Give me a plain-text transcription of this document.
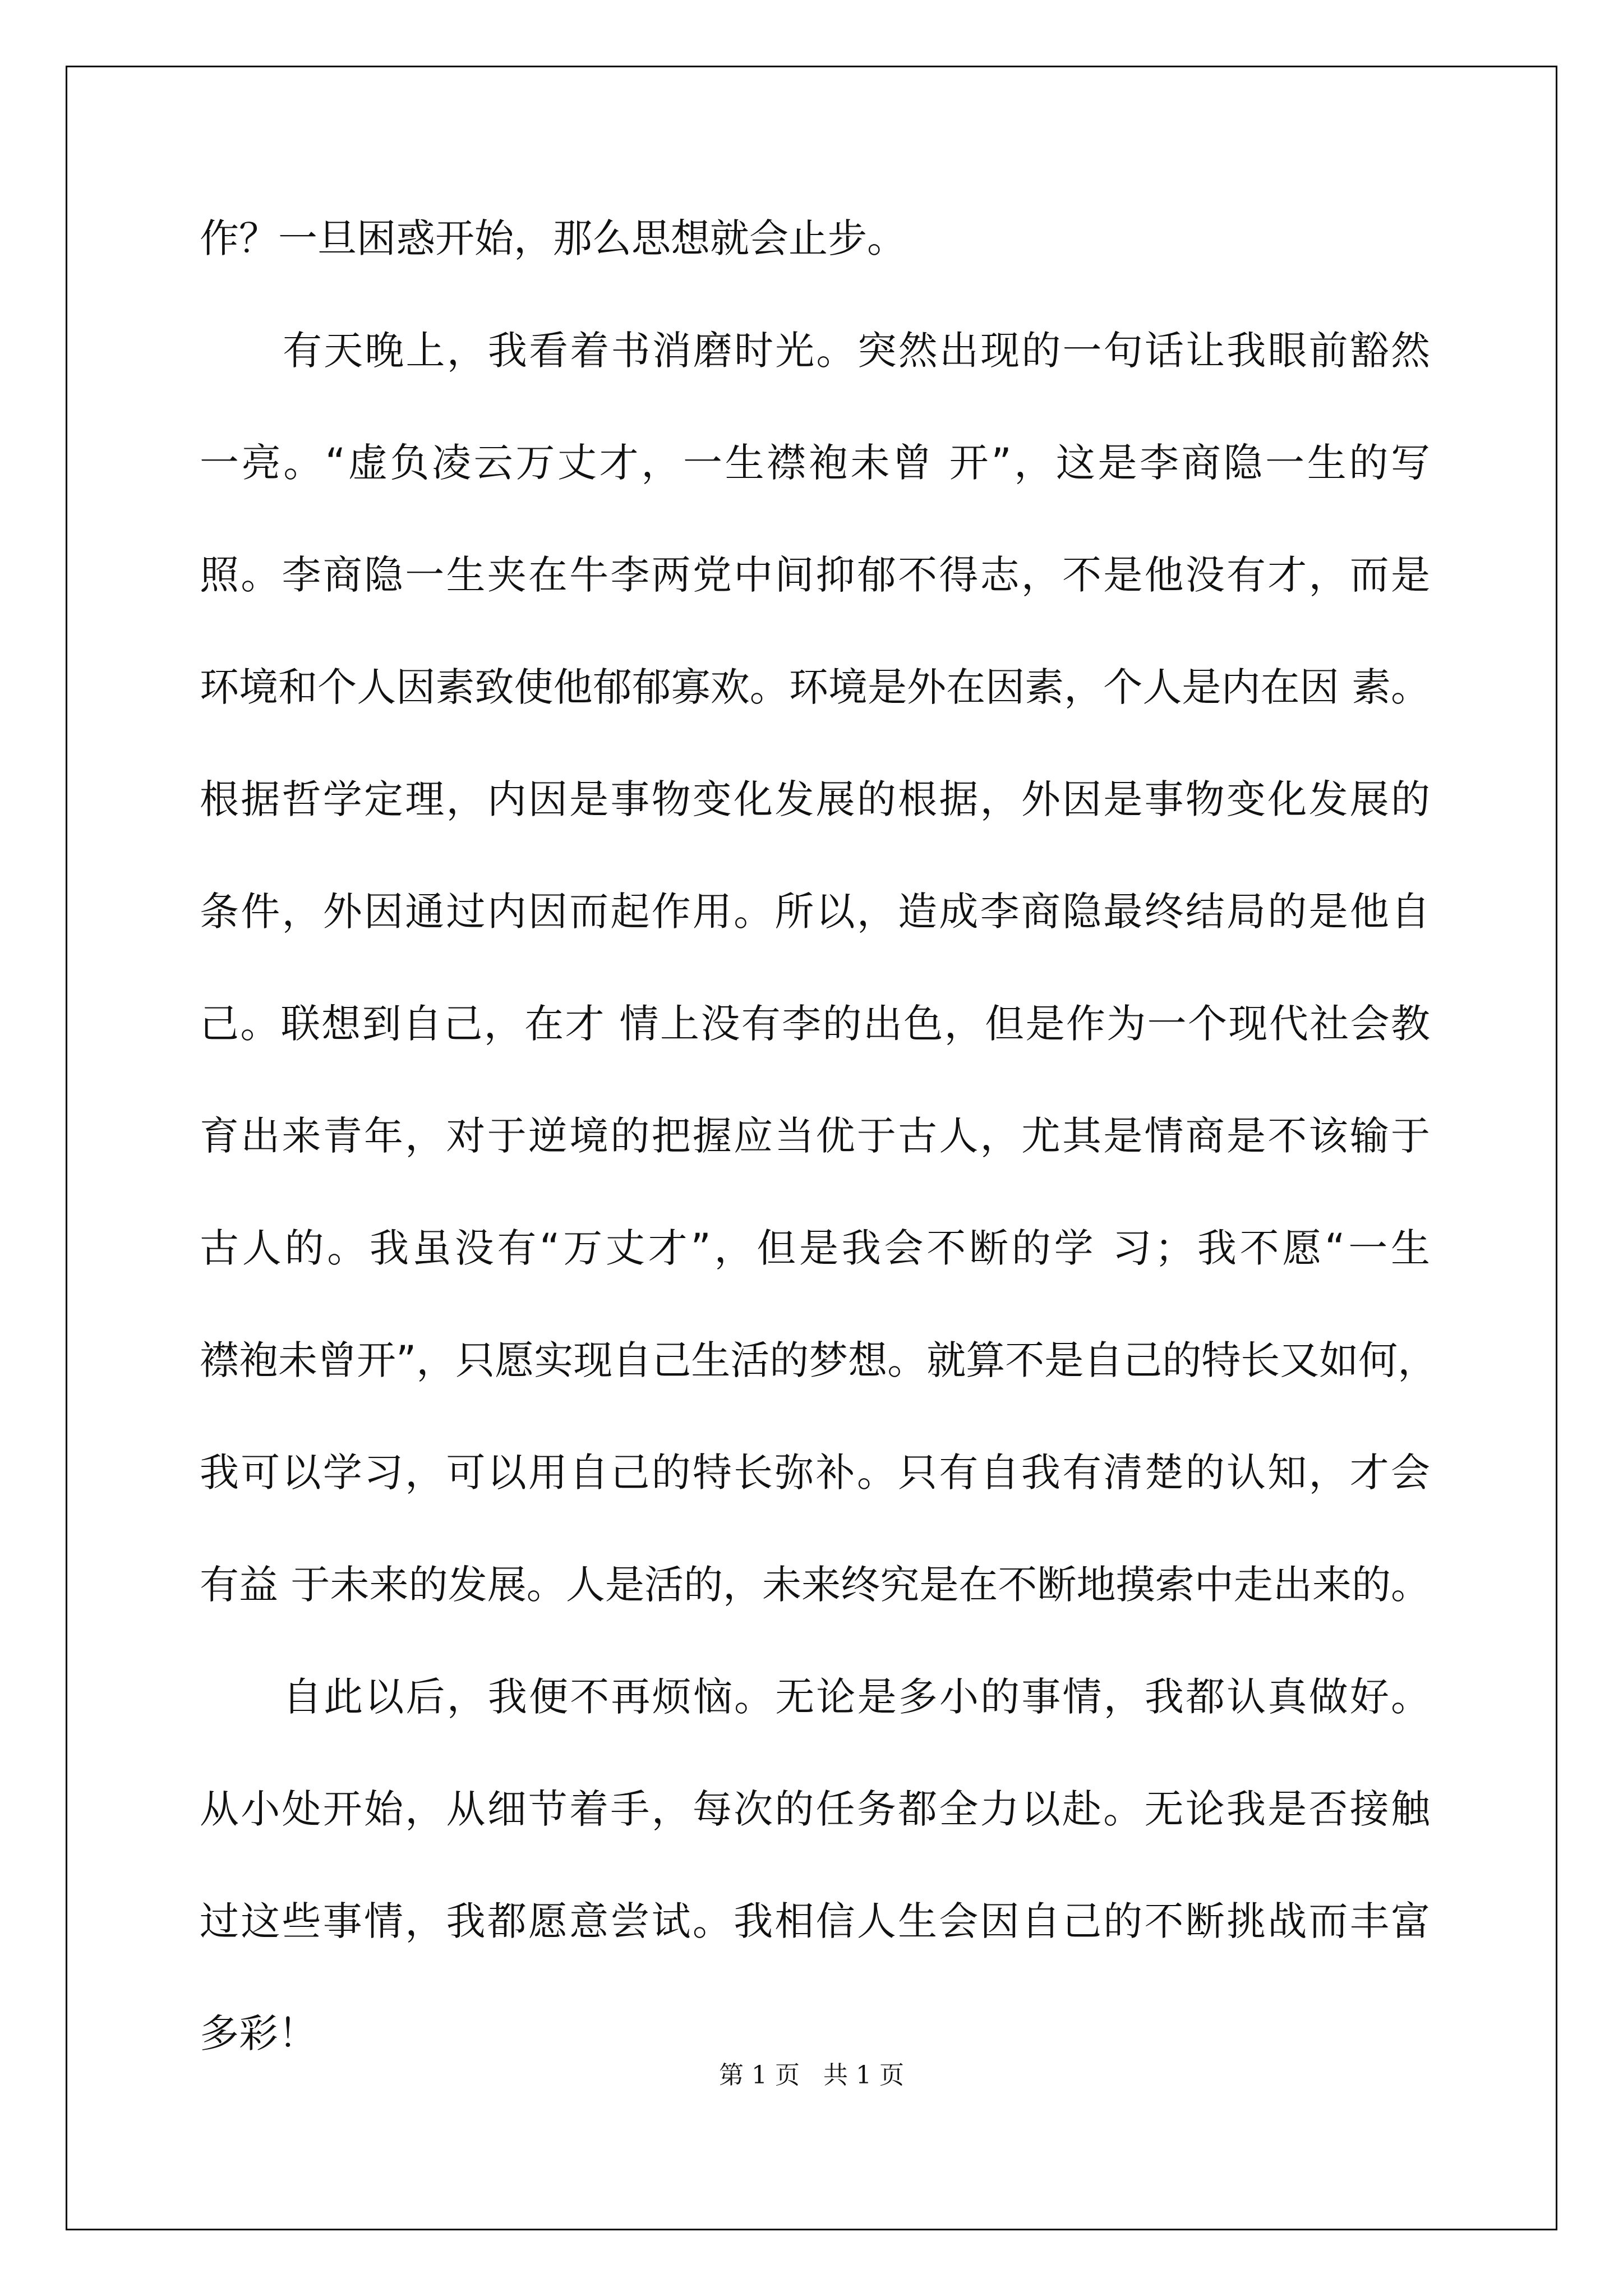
作？一旦困惑开始，那么思想就会止步。
有天晚上，我看着书消磨时光。突然出现的一句话让我眼前豁然
一亮。“虚负凌云万丈才，一生襟袍未曾 开”，这是李商隐一生的写
照。李商隐一生夹在牛李两党中间抑郁不得志，不是他没有才，而是
环境和个人因素致使他郁郁寡欢。环境是外在因素，个人是内在因 素。
根据哲学定理，内因是事物变化发展的根据，外因是事物变化发展的
条件，外因通过内因而起作用。所以，造成李商隐最终结局的是他自
己。联想到自己，在才 情上没有李的出色，但是作为一个现代社会教
育出来青年，对于逆境的把握应当优于古人，尤其是情商是不该输于
古人的。我虽没有“万丈才”，但是我会不断的学 习；我不愿“一生
襟袍未曾开”，只愿实现自己生活的梦想。就算不是自己的特长又如何，
我可以学习，可以用自己的特长弥补。只有自我有清楚的认知，才会
有益 于未来的发展。人是活的，未来终究是在不断地摸索中走出来的。
自此以后，我便不再烦恼。无论是多小的事情，我都认真做好。
从小处开始，从细节着手，每次的任务都全力以赴。无论我是否接触
过这些事情，我都愿意尝试。我相信人生会因自己的不断挑战而丰富
多彩！
第 1 页   共 1 页
